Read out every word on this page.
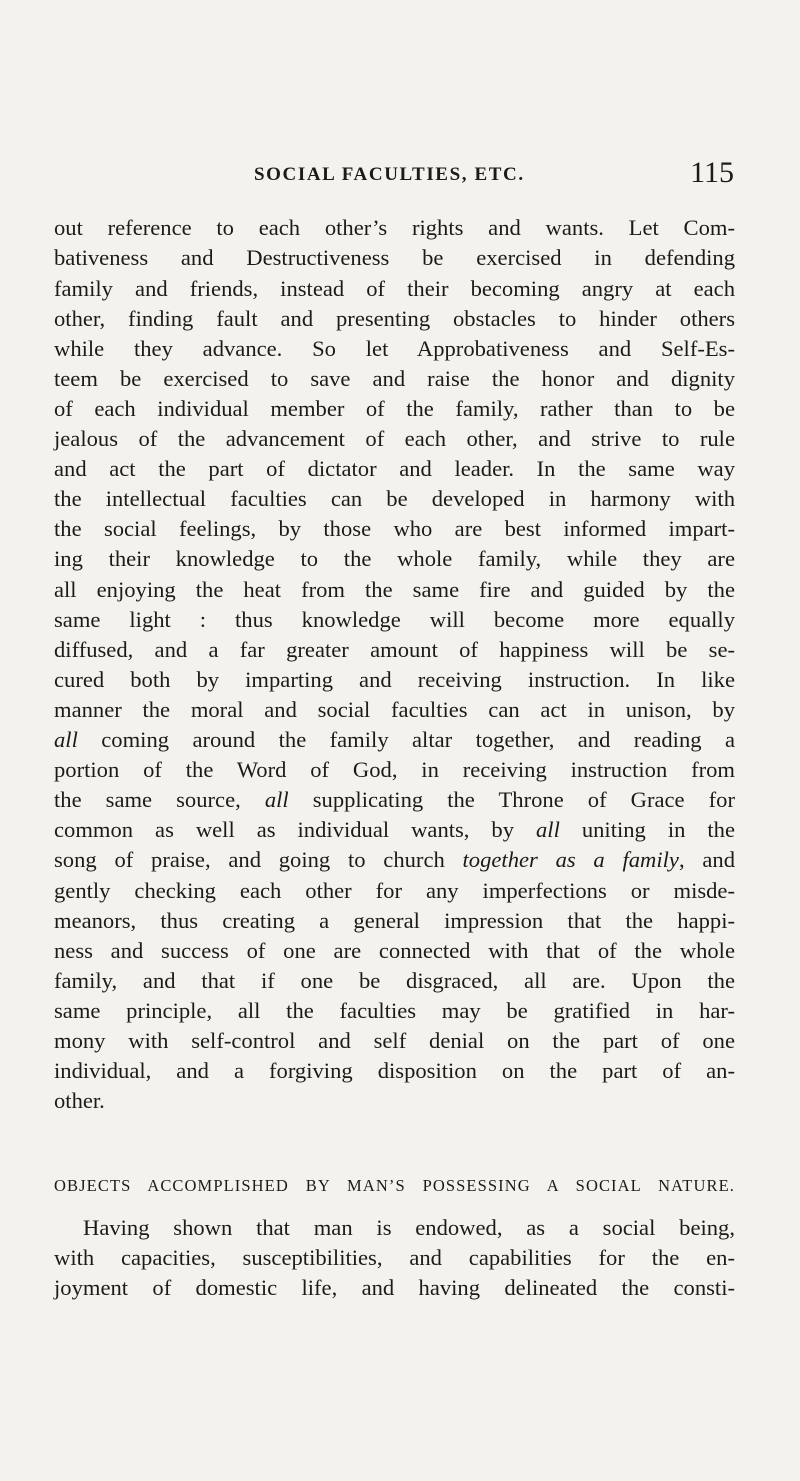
SOCIAL FACULTIES, ETC.	115
out reference to each other’s rights and wants. Let Com-
bativeness and Destructiveness be exercised in defending
family and friends, instead of their becoming angry at each
other, finding fault and presenting obstacles to hinder others
while they advance. So let Approbativeness and Self-Es-
teem be exercised to save and raise the honor and dignity
of each individual member of the family, rather than to be
jealous of the advancement of each other, and strive to rule
and act the part of dictator and leader. In the same way
the intellectual faculties can be developed in harmony with
the social feelings, by those who are best informed impart-
ing their knowledge to the whole family, while they are
all enjoying the heat from the same fire and guided by the
same light : thus knowledge will become more equally
diffused, and a far greater amount of happiness will be se-
cured both by imparting and receiving instruction. In like
manner the moral and social faculties can act in unison, by
all coming around the family altar together, and reading a
portion of the Word of God, in receiving instruction from
the same source, all supplicating the Throne of Grace for
common as well as individual wants, by all uniting in the
song of praise, and going to church together as a family, and
gently checking each other for any imperfections or misde-
meanors, thus creating a general impression that the happi-
ness and success of one are connected with that of the whole
family, and that if one be disgraced, all are. Upon the
same principle, all the faculties may be gratified in har-
mony with self-control and self denial on the part of one
individual, and a forgiving disposition on the part of an-
other.
OBJECTS ACCOMPLISHED BY MAN’S POSSESSING A SOCIAL NATURE.
Having shown that man is endowed, as a social being,
with capacities, susceptibilities, and capabilities for the en-
joyment of domestic life, and having delineated the consti-
